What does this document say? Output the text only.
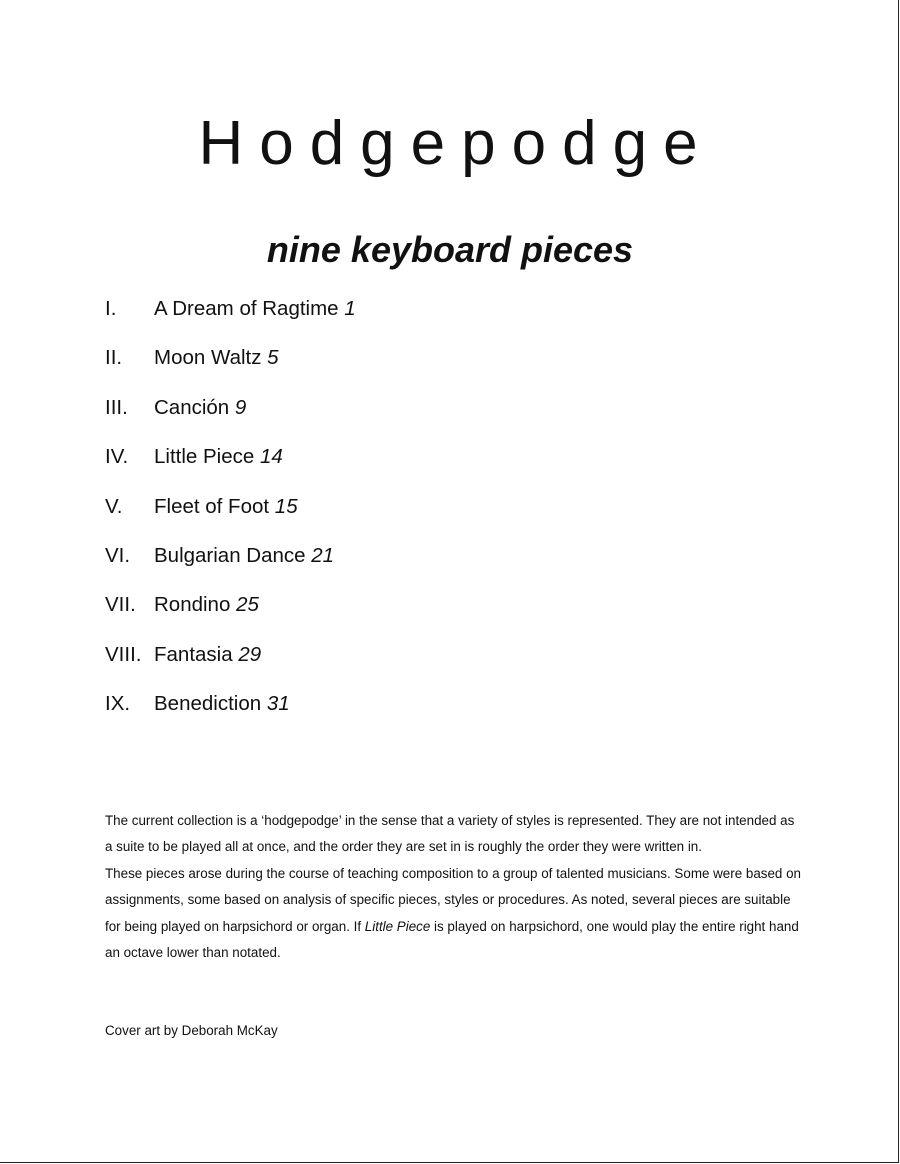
Hodgepodge
nine keyboard pieces
I. A Dream of Ragtime 1
II. Moon Waltz 5
III. Canción 9
IV. Little Piece 14
V. Fleet of Foot 15
VI. Bulgarian Dance 21
VII. Rondino 25
VIII. Fantasia 29
IX. Benediction 31

The current collection is a ‘hodgepodge’ in the sense that a variety of styles is represented. They are not intended as a suite to be played all at once, and the order they are set in is roughly the order they were written in.

These pieces arose during the course of teaching composition to a group of talented musicians. Some were based on assignments, some based on analysis of specific pieces, styles or procedures. As noted, several pieces are suitable for being played on harpsichord or organ. If Little Piece is played on harpsichord, one would play the entire right hand an octave lower than notated.

Cover art by Deborah McKay
